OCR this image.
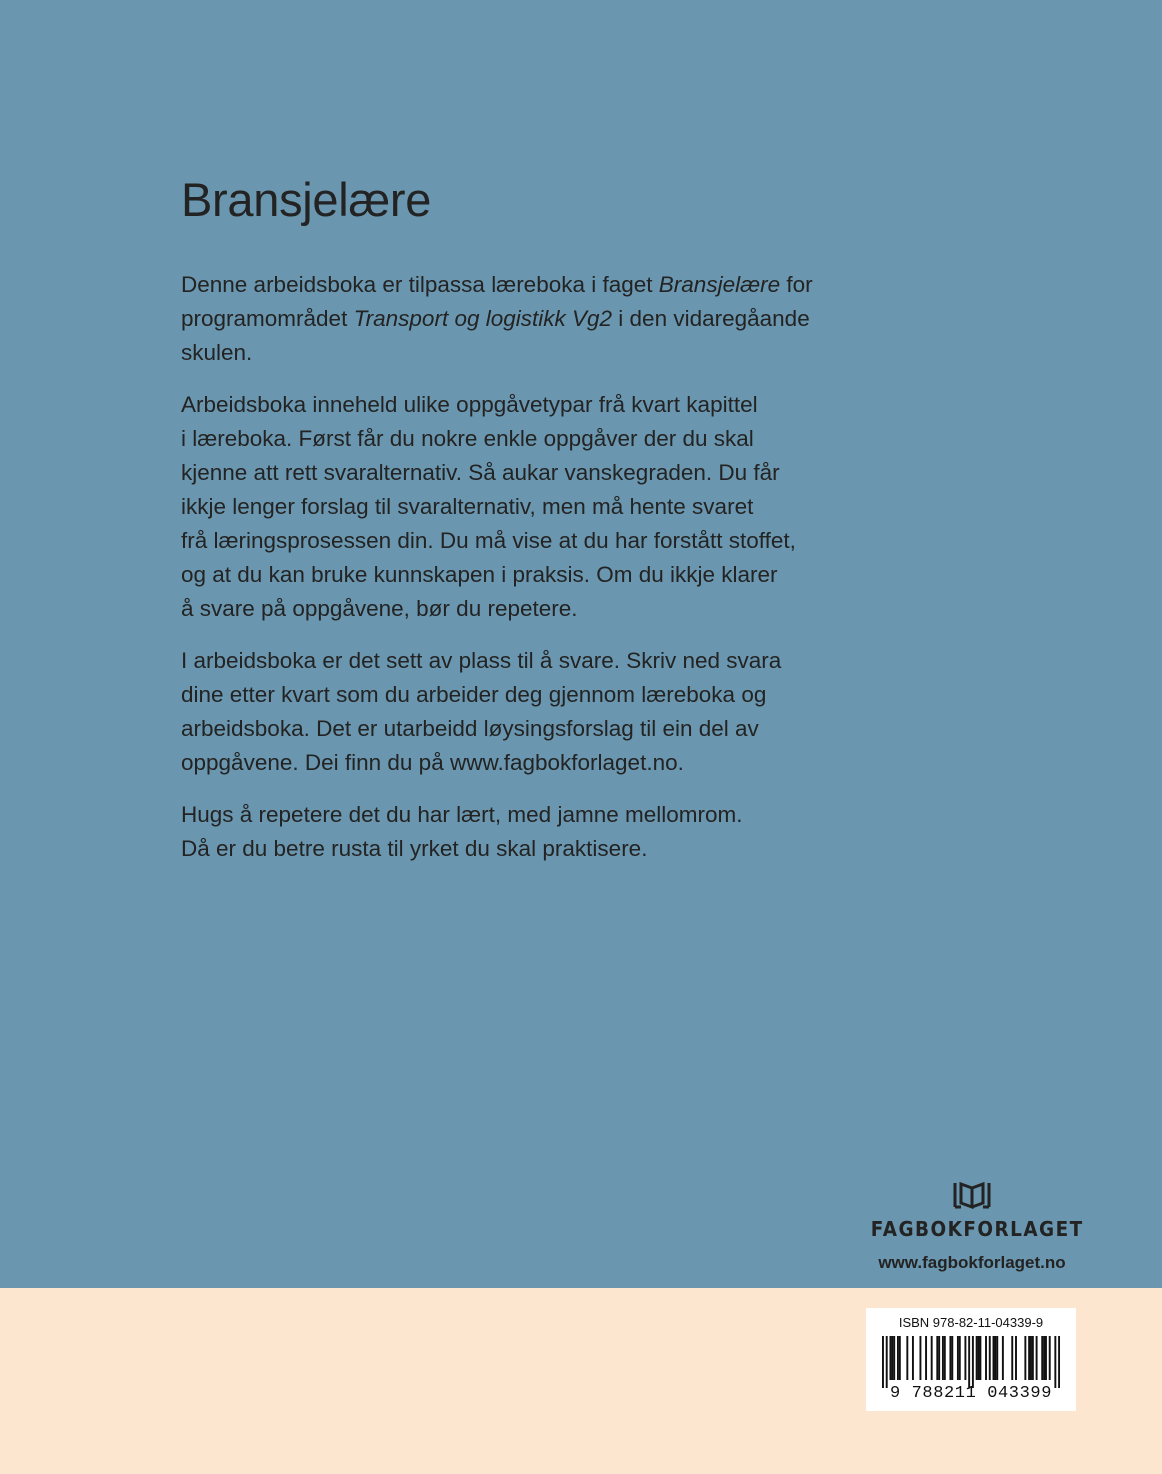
Bransjelære

Denne arbeidsboka er tilpassa læreboka i faget Bransjelære for
programområdet Transport og logistikk Vg2 i den vidaregåande
skulen.

Arbeidsboka inneheld ulike oppgåvetypar frå kvart kapittel
i læreboka. Først får du nokre enkle oppgåver der du skal
kjenne att rett svaralternativ. Så aukar vanskegraden. Du får
ikkje lenger forslag til svaralternativ, men må hente svaret
frå læringsprosessen din. Du må vise at du har forstått stoffet,
og at du kan bruke kunnskapen i praksis. Om du ikkje klarer
å svare på oppgåvene, bør du repetere.

I arbeidsboka er det sett av plass til å svare. Skriv ned svara
dine etter kvart som du arbeider deg gjennom læreboka og
arbeidsboka. Det er utarbeidd løysingsforslag til ein del av
oppgåvene. Dei finn du på www.fagbokforlaget.no.

Hugs å repetere det du har lært, med jamne mellomrom.
Då er du betre rusta til yrket du skal praktisere.

FAGBOKFORLAGET
www.fagbokforlaget.no
ISBN 978-82-11-04339-9
9 788211 043399
